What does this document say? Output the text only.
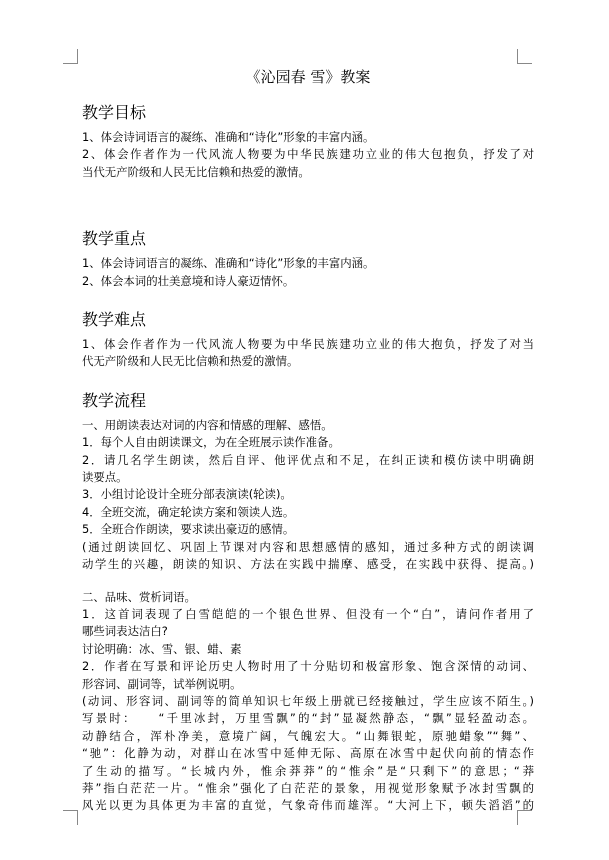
《沁园春 雪》教案
教学目标

1、体会诗词语言的凝练、准确和“诗化”形象的丰富内涵。

2、体会作者作为一代风流人物要为中华民族建功立业的伟大包抱负，抒发了对

当代无产阶级和人民无比信赖和热爱的激情。

教学重点

1、体会诗词语言的凝练、准确和“诗化”形象的丰富内涵。

2、体会本词的壮美意境和诗人豪迈情怀。

教学难点

1、体会作者作为一代风流人物要为中华民族建功立业的伟大抱负，抒发了对当

代无产阶级和人民无比信赖和热爱的激情。

教学流程

一、用朗读表达对词的内容和情感的理解、感悟。

1．每个人自由朗读课文，为在全班展示读作准备。

2．请几名学生朗读，然后自评、他评优点和不足，在纠正读和模仿读中明确朗

读要点。

3．小组讨论设计全班分部表演读(轮读)。

4．全班交流，确定轮读方案和领读人选。

5．全班合作朗读，要求读出豪迈的感情。

(通过朗读回忆、巩固上节课对内容和思想感情的感知，通过多种方式的朗读调

动学生的兴趣，朗读的知识、方法在实践中揣摩、感受，在实践中获得、提高。)

二、品味、赏析词语。

1．这首词表现了白雪皑皑的一个银色世界、但没有一个“白”，请问作者用了

哪些词表达洁白?

讨论明确：冰、雪、银、蜡、素

2．作者在写景和评论历史人物时用了十分贴切和极富形象、饱含深情的动词、

形容词、副词等，试举例说明。

(动词、形容词、副词等的简单知识七年级上册就已经接触过，学生应该不陌生。)

写景时：　　“千里冰封，万里雪飘”的“封”显凝然静态，“飘”显轻盈动态。

动静结合，浑朴净美，意境广阔，气魄宏大。“山舞银蛇，原驰蜡象”“舞”、

“驰”：化静为动，对群山在冰雪中延伸无际、高原在冰雪中起伏向前的情态作

了生动的描写。“长城内外，惟余莽莽”的“惟余”是“只剩下”的意思；“莽

莽”指白茫茫一片。“惟余”强化了白茫茫的景象，用视觉形象赋予冰封雪飘的

风光以更为具体更为丰富的直觉，气象奇伟而雄浑。“大河上下，顿失滔滔”的
